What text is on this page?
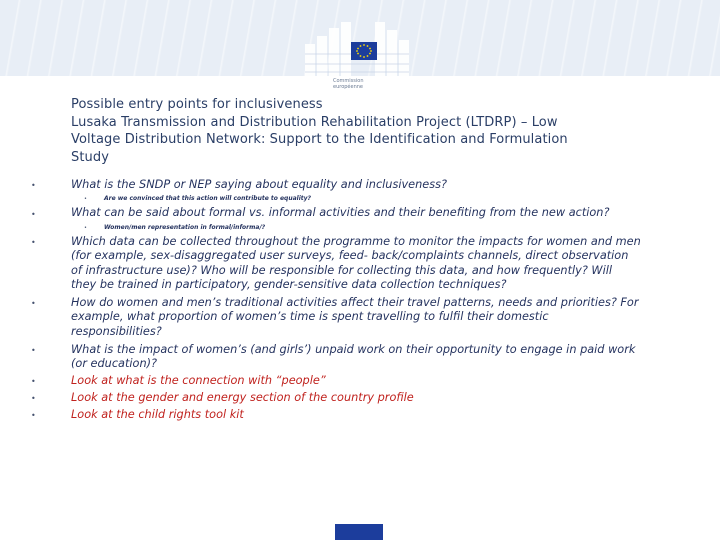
Commission
européenne
Possible entry points for inclusiveness
Lusaka Transmission and Distribution Rehabilitation Project (LTDRP) – Low
Voltage Distribution Network: Support to the Identification and Formulation
Study
•	What is the SNDP or NEP saying about equality and inclusiveness?
•	Are we convinced that this action will contribute to equality?
•	What can be said about formal vs. informal activities and their benefiting from the new action?
•	Women/men representation in formal/informa/?
•	Which data can be collected throughout the programme to monitor the impacts for women and men
(for example, sex-disaggregated user surveys, feed- back/complaints channels, direct observation
of infrastructure use)? Who will be responsible for collecting this data, and how frequently? Will
they be trained in participatory, gender-sensitive data collection techniques?
•	How do women and men’s traditional activities affect their travel patterns, needs and priorities? For
example, what proportion of women’s time is spent travelling to fulfil their domestic
responsibilities?
•	What is the impact of women’s (and girls’) unpaid work on their opportunity to engage in paid work
(or education)?
•	Look at what is the connection with “people”
•	Look at the gender and energy section of the country profile
•	Look at the child rights tool kit
